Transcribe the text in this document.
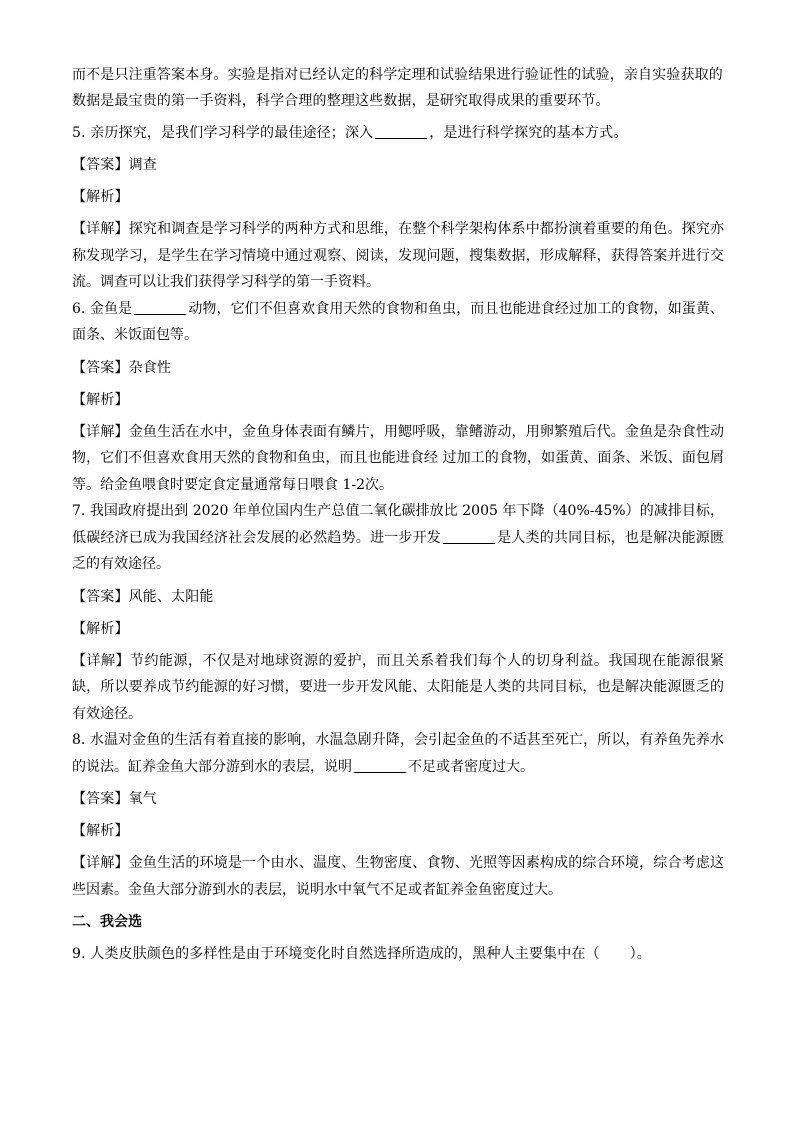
而不是只注重答案本身。实验是指对已经认定的科学定理和试验结果进行验证性的试验，亲自实验获取的
数据是最宝贵的第一手资料，科学合理的整理这些数据，是研究取得成果的重要环节。
5. 亲历探究，是我们学习科学的最佳途径；深入	，是进行科学探究的基本方式。
【答案】调查
【解析】
【详解】探究和调查是学习科学的两种方式和思维，在整个科学架构体系中都扮演着重要的角色。探究亦称发现学习，是学生在学习情境中通过观察、阅读，发现问题，搜集数据，形成解释，获得答案并进行交流。调查可以让我们获得学习科学的第一手资料。
6. 金鱼是	动物，它们不但喜欢食用天然的食物和鱼虫，而且也能进食经过加工的食物，如蛋黄、面条、米饭面包等。
【答案】杂食性
【解析】
【详解】金鱼生活在水中，金鱼身体表面有鳞片，用鳃呼吸，靠鳍游动，用卵繁殖后代。金鱼是杂食性动物，它们不但喜欢食用天然的食物和鱼虫，而且也能进食经 过加工的食物，如蛋黄、面条、米饭、面包屑等。给金鱼喂食时要定食定量通常每日喂食 1-2次。
7. 我国政府提出到 2020 年单位国内生产总值二氧化碳排放比 2005 年下降（40%-45%）的减排目标，低碳经济已成为我国经济社会发展的必然趋势。进一步开发	是人类的共同目标，也是解决能源匮乏的有效途径。
【答案】风能、太阳能
【解析】
【详解】节约能源，不仅是对地球资源的爱护，而且关系着我们每个人的切身利益。我国现在能源很紧缺，所以要养成节约能源的好习惯，要进一步开发风能、太阳能是人类的共同目标，也是解决能源匮乏的有效途径。
8. 水温对金鱼的生活有着直接的影响，水温急剧升降，会引起金鱼的不适甚至死亡，所以，有养鱼先养水的说法。缸养金鱼大部分游到水的表层，说明	不足或者密度过大。
【答案】氧气
【解析】
【详解】金鱼生活的环境是一个由水、温度、生物密度、食物、光照等因素构成的综合环境，综合考虑这些因素。金鱼大部分游到水的表层，说明水中氧气不足或者缸养金鱼密度过大。
二、我会选
9. 人类皮肤颜色的多样性是由于环境变化时自然选择所造成的，黑种人主要集中在（ ）。
